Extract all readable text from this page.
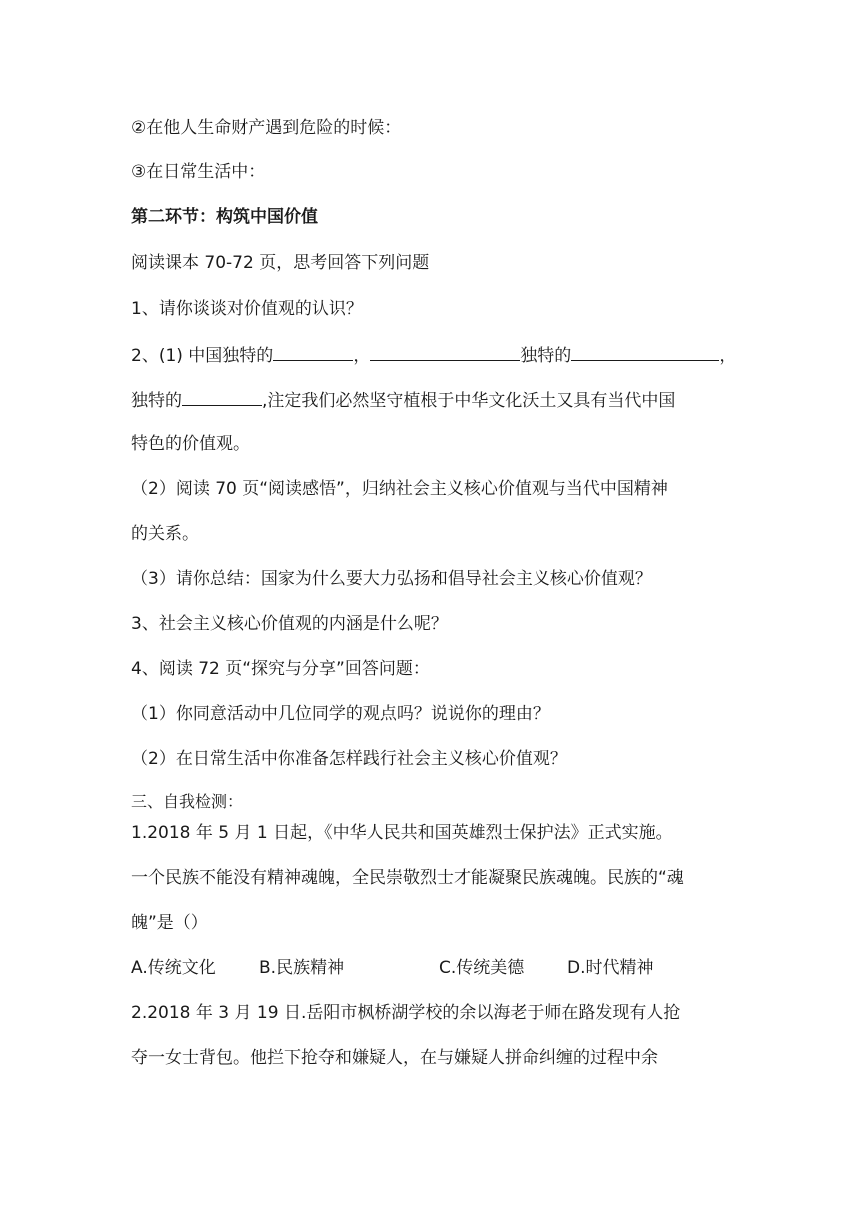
②在他人生命财产遇到危险的时候：
③在日常生活中：
第二环节：构筑中国价值
阅读课本 70-72 页，思考回答下列问题
1、请你谈谈对价值观的认识？
2、(1) 中国独特的	，	独特的	，
独特的	,注定我们必然坚守植根于中华文化沃土又具有当代中国
特色的价值观。
（2）阅读 70 页“阅读感悟”，归纳社会主义核心价值观与当代中国精神
的关系。
（3）请你总结：国家为什么要大力弘扬和倡导社会主义核心价值观？
3、社会主义核心价值观的内涵是什么呢？
4、阅读 72 页“探究与分享”回答问题：
（1）你同意活动中几位同学的观点吗？说说你的理由？
（2）在日常生活中你准备怎样践行社会主义核心价值观？
三、自我检测：
1.2018 年 5 月 1 日起，《中华人民共和国英雄烈士保护法》正式实施。
一个民族不能没有精神魂魄，全民崇敬烈士才能凝聚民族魂魄。民族的“魂
魄”是（）
A.传统文化	B.民族精神	C.传统美德	D.时代精神
2.2018 年 3 月 19 日.岳阳市枫桥湖学校的余以海老于师在路发现有人抢
夺一女士背包。他拦下抢夺和嫌疑人，在与嫌疑人拼命纠缠的过程中余
